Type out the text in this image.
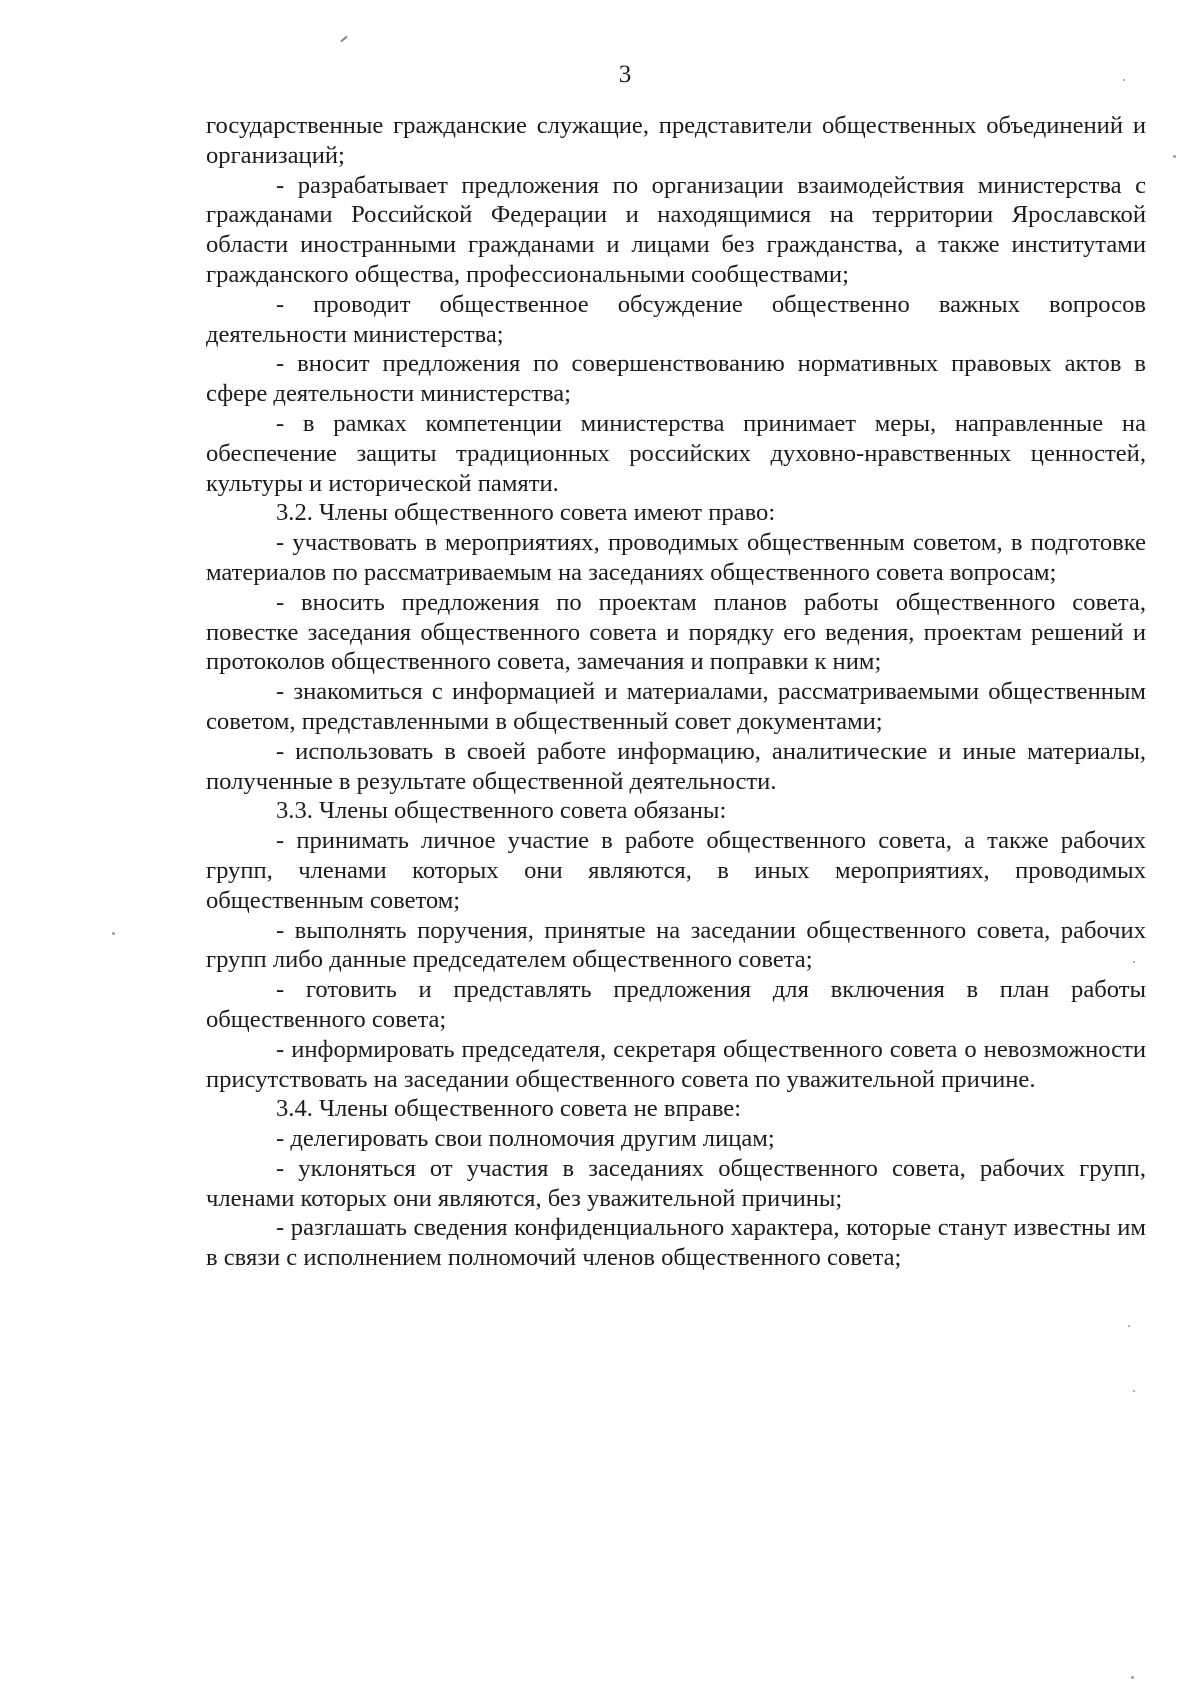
3

государственные гражданские служащие, представители общественных объединений и организаций;

- разрабатывает предложения по организации взаимодействия министерства с гражданами Российской Федерации и находящимися на территории Ярославской области иностранными гражданами и лицами без гражданства, а также институтами гражданского общества, профессиональными сообществами;

- проводит общественное обсуждение общественно важных вопросов деятельности министерства;

- вносит предложения по совершенствованию нормативных правовых актов в сфере деятельности министерства;

- в рамках компетенции министерства принимает меры, направленные на обеспечение защиты традиционных российских духовно-нравственных ценностей, культуры и исторической памяти.

3.2. Члены общественного совета имеют право:

- участвовать в мероприятиях, проводимых общественным советом, в подготовке материалов по рассматриваемым на заседаниях общественного совета вопросам;

- вносить предложения по проектам планов работы общественного совета, повестке заседания общественного совета и порядку его ведения, проектам решений и протоколов общественного совета, замечания и поправки к ним;

- знакомиться с информацией и материалами, рассматриваемыми общественным советом, представленными в общественный совет документами;

- использовать в своей работе информацию, аналитические и иные материалы, полученные в результате общественной деятельности.

3.3. Члены общественного совета обязаны:

- принимать личное участие в работе общественного совета, а также рабочих групп, членами которых они являются, в иных мероприятиях, проводимых общественным советом;

- выполнять поручения, принятые на заседании общественного совета, рабочих групп либо данные председателем общественного совета;

- готовить и представлять предложения для включения в план работы общественного совета;

- информировать председателя, секретаря общественного совета о невозможности присутствовать на заседании общественного совета по уважительной причине.

3.4. Члены общественного совета не вправе:

- делегировать свои полномочия другим лицам;

- уклоняться от участия в заседаниях общественного совета, рабочих групп, членами которых они являются, без уважительной причины;

- разглашать сведения конфиденциального характера, которые станут известны им в связи с исполнением полномочий членов общественного совета;
